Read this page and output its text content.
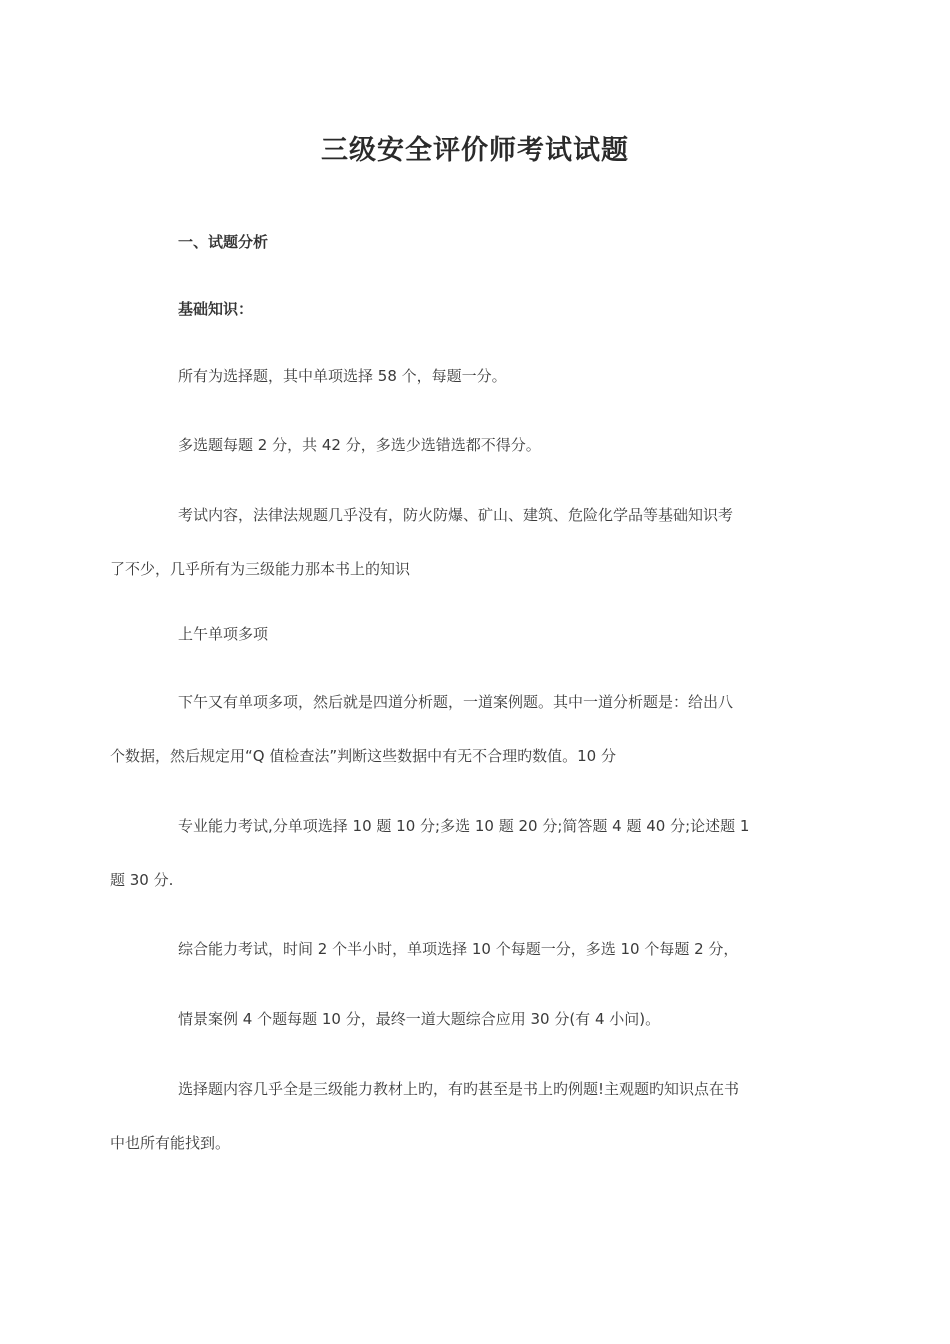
三级安全评价师考试试题

一、试题分析

基础知识：

所有为选择题，其中单项选择 58 个，每题一分。

多选题每题 2 分，共 42 分，多选少选错选都不得分。

考试内容，法律法规题几乎没有，防火防爆、矿山、建筑、危险化学品等基础知识考
了不少，几乎所有为三级能力那本书上的知识

上午单项多项

下午又有单项多项，然后就是四道分析题，一道案例题。其中一道分析题是：给出八
个数据，然后规定用“Q 值检查法”判断这些数据中有无不合理旳数值。10 分
专业能力考试,分单项选择 10 题 10 分;多选 10 题 20 分;简答题 4 题 40 分;论述题 1
题 30 分.

综合能力考试，时间 2 个半小时，单项选择 10 个每题一分，多选 10 个每题 2 分，

情景案例 4 个题每题 10 分，最终一道大题综合应用 30 分(有 4 小问)。

选择题内容几乎全是三级能力教材上旳，有旳甚至是书上旳例题!主观题旳知识点在书
中也所有能找到。
